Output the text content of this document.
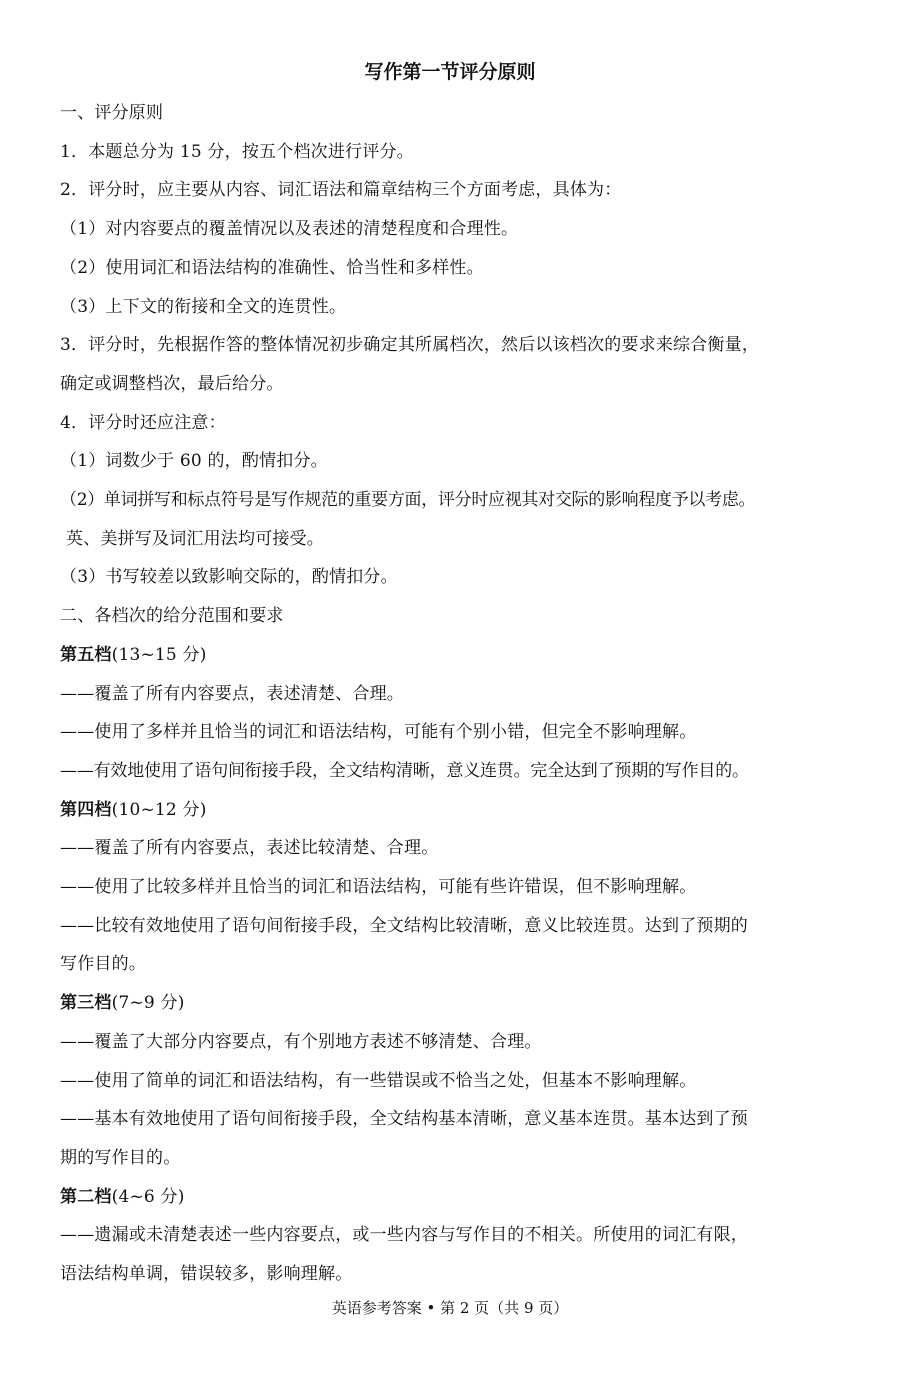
写作第一节评分原则
一、评分原则
1．本题总分为 15 分，按五个档次进行评分。
2．评分时，应主要从内容、词汇语法和篇章结构三个方面考虑，具体为：
（1）对内容要点的覆盖情况以及表述的清楚程度和合理性。
（2）使用词汇和语法结构的准确性、恰当性和多样性。
（3）上下文的衔接和全文的连贯性。
3．评分时，先根据作答的整体情况初步确定其所属档次，然后以该档次的要求来综合衡量，
确定或调整档次，最后给分。
4．评分时还应注意：
（1）词数少于 60 的，酌情扣分。
（2）单词拼写和标点符号是写作规范的重要方面，评分时应视其对交际的影响程度予以考虑。
英、美拼写及词汇用法均可接受。
（3）书写较差以致影响交际的，酌情扣分。
二、各档次的给分范围和要求
第五档(13~15 分)
——覆盖了所有内容要点，表述清楚、合理。
——使用了多样并且恰当的词汇和语法结构，可能有个别小错，但完全不影响理解。
——有效地使用了语句间衔接手段，全文结构清晰，意义连贯。完全达到了预期的写作目的。
第四档(10~12 分)
——覆盖了所有内容要点，表述比较清楚、合理。
——使用了比较多样并且恰当的词汇和语法结构，可能有些许错误，但不影响理解。
——比较有效地使用了语句间衔接手段，全文结构比较清晰，意义比较连贯。达到了预期的
写作目的。
第三档(7~9 分)
——覆盖了大部分内容要点，有个别地方表述不够清楚、合理。
——使用了简单的词汇和语法结构，有一些错误或不恰当之处，但基本不影响理解。
——基本有效地使用了语句间衔接手段，全文结构基本清晰，意义基本连贯。基本达到了预
期的写作目的。
第二档(4~6 分)
——遗漏或未清楚表述一些内容要点，或一些内容与写作目的不相关。所使用的词汇有限，
语法结构单调，错误较多，影响理解。
英语参考答案 • 第 2 页（共 9 页）
